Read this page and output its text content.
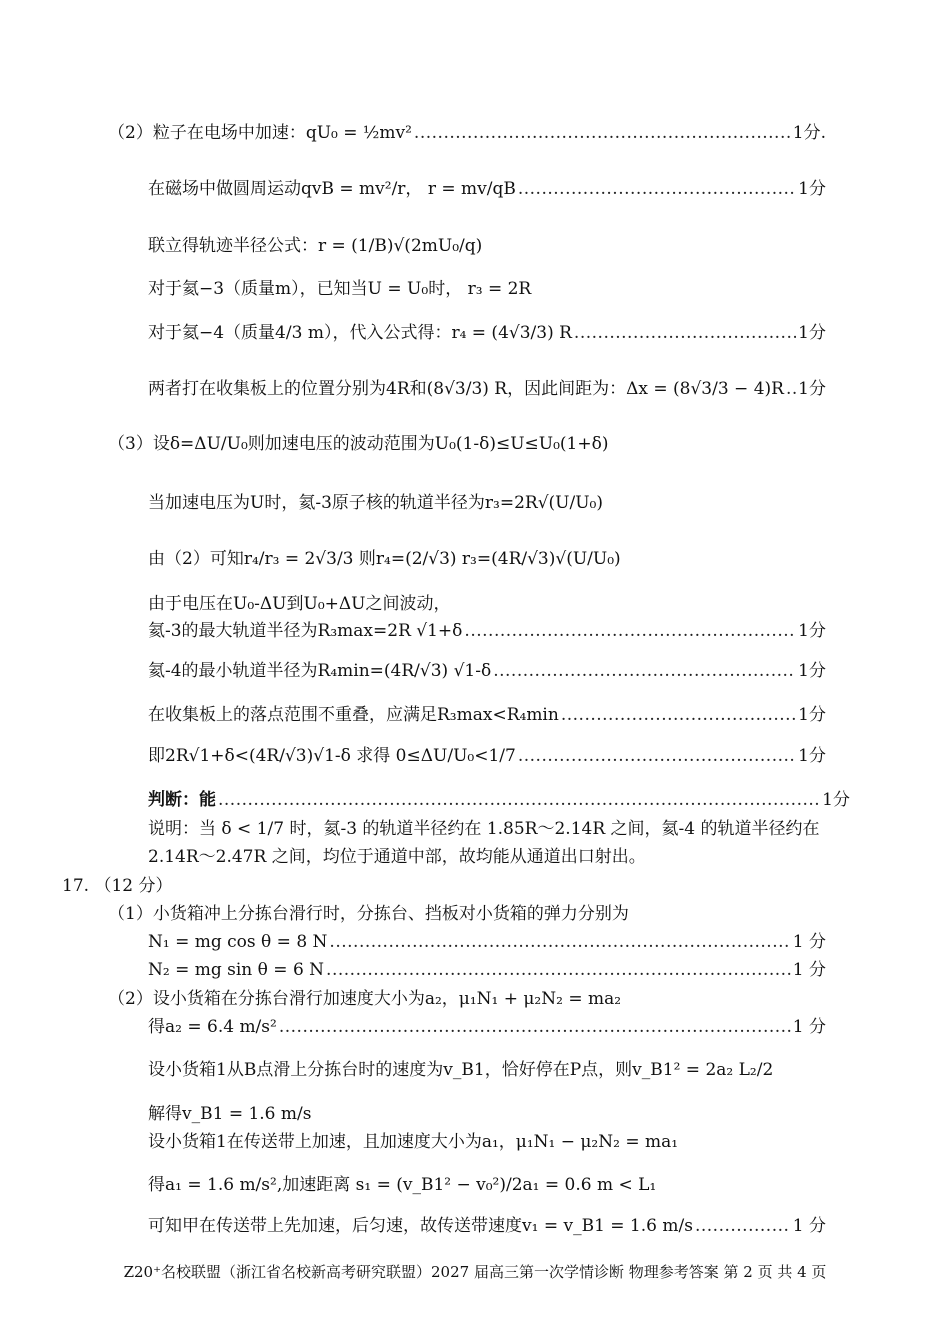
（2）粒子在电场中加速：qU₀ = ½mv² .....	1分.
在磁场中做圆周运动qvB = mv²/r， r = mv/qB .....	1分
联立得轨迹半径公式：r = (1/B)√(2mU₀/q)
对于氦−3（质量m），已知当U = U₀时， r₃ = 2R
对于氦−4（质量4/3 m），代入公式得：r₄ = (4√3/3) R .....	1分
两者打在收集板上的位置分别为4R和(8√3/3) R，因此间距为：Δx = (8√3/3 − 4)R ..... 1分
（3）设δ=ΔU/U₀则加速电压的波动范围为U₀(1-δ)≤U≤U₀(1+δ)
当加速电压为U时，氦-3原子核的轨道半径为r₃=2R√(U/U₀)
由（2）可知r₄/r₃ = 2√3/3 则r₄=(2/√3) r₃=(4R/√3)√(U/U₀)
由于电压在U₀-ΔU到U₀+ΔU之间波动，
氦-3的最大轨道半径为R₃max=2R √1+δ .....	1分
氦-4的最小轨道半径为R₄min=(4R/√3) √1-δ .....	1分
在收集板上的落点范围不重叠，应满足R₃max<R₄min .....	1分
即2R√1+δ<(4R/√3)√1-δ 求得 0≤ΔU/U₀<1/7 .....	1分
判断：能 .....	1分
说明：当 δ < 1/7 时，氦-3 的轨道半径约在 1.85R～2.14R 之间，氦-4 的轨道半径约在
2.14R～2.47R 之间，均位于通道中部，故均能从通道出口射出。
17. （12 分）
（1）小货箱冲上分拣台滑行时，分拣台、挡板对小货箱的弹力分别为
N₁ = mg cos θ = 8 N .....	1 分
N₂ = mg sin θ = 6 N .....	1 分
（2）设小货箱在分拣台滑行加速度大小为a₂，μ₁N₁ + μ₂N₂ = ma₂
得a₂ = 6.4 m/s² .....	1 分
设小货箱1从B点滑上分拣台时的速度为v_B1，恰好停在P点，则v_B1² = 2a₂ L₂/2
解得v_B1 = 1.6 m/s
设小货箱1在传送带上加速，且加速度大小为a₁，μ₁N₁ − μ₂N₂ = ma₁
得a₁ = 1.6 m/s²,加速距离 s₁ = (v_B1² − v₀²)/2a₁ = 0.6 m < L₁
可知甲在传送带上先加速，后匀速，故传送带速度v₁ = v_B1 = 1.6 m/s .....	1 分
Z20⁺名校联盟（浙江省名校新高考研究联盟）2027 届高三第一次学情诊断 物理参考答案 第 2 页 共 4 页
